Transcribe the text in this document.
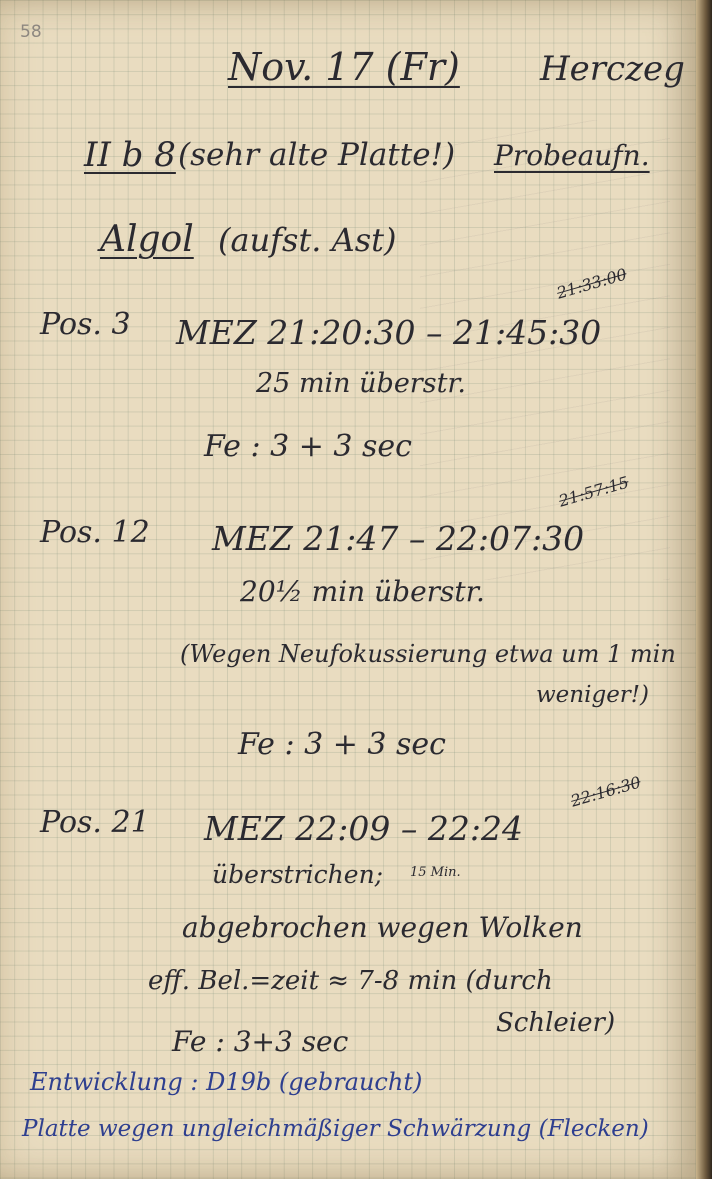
58
Nov. 17 (Fr) Herczeg
II b 8 (sehr alte Platte!) Probeaufn.
Algol (aufst. Ast)
Pos. 3 MEZ 21:20:30 – 21:45:30
21:33:00
25 min überstr.
Fe : 3 + 3 sec
Pos. 12 MEZ 21:47 – 22:07:30
21:57:15
20½ min überstr.
(Wegen Neufokussierung etwa um 1 min
weniger!)
Fe : 3 + 3 sec
Pos. 21 MEZ 22:09 – 22:24
22:16:30
überstrichen; 15 Min.
abgebrochen wegen Wolken
eff. Bel.=zeit ≈ 7-8 min (durch
Schleier)
Fe : 3+3 sec
Entwicklung : D19b (gebraucht)
Platte wegen ungleichmäßiger Schwärzung (Flecken)
